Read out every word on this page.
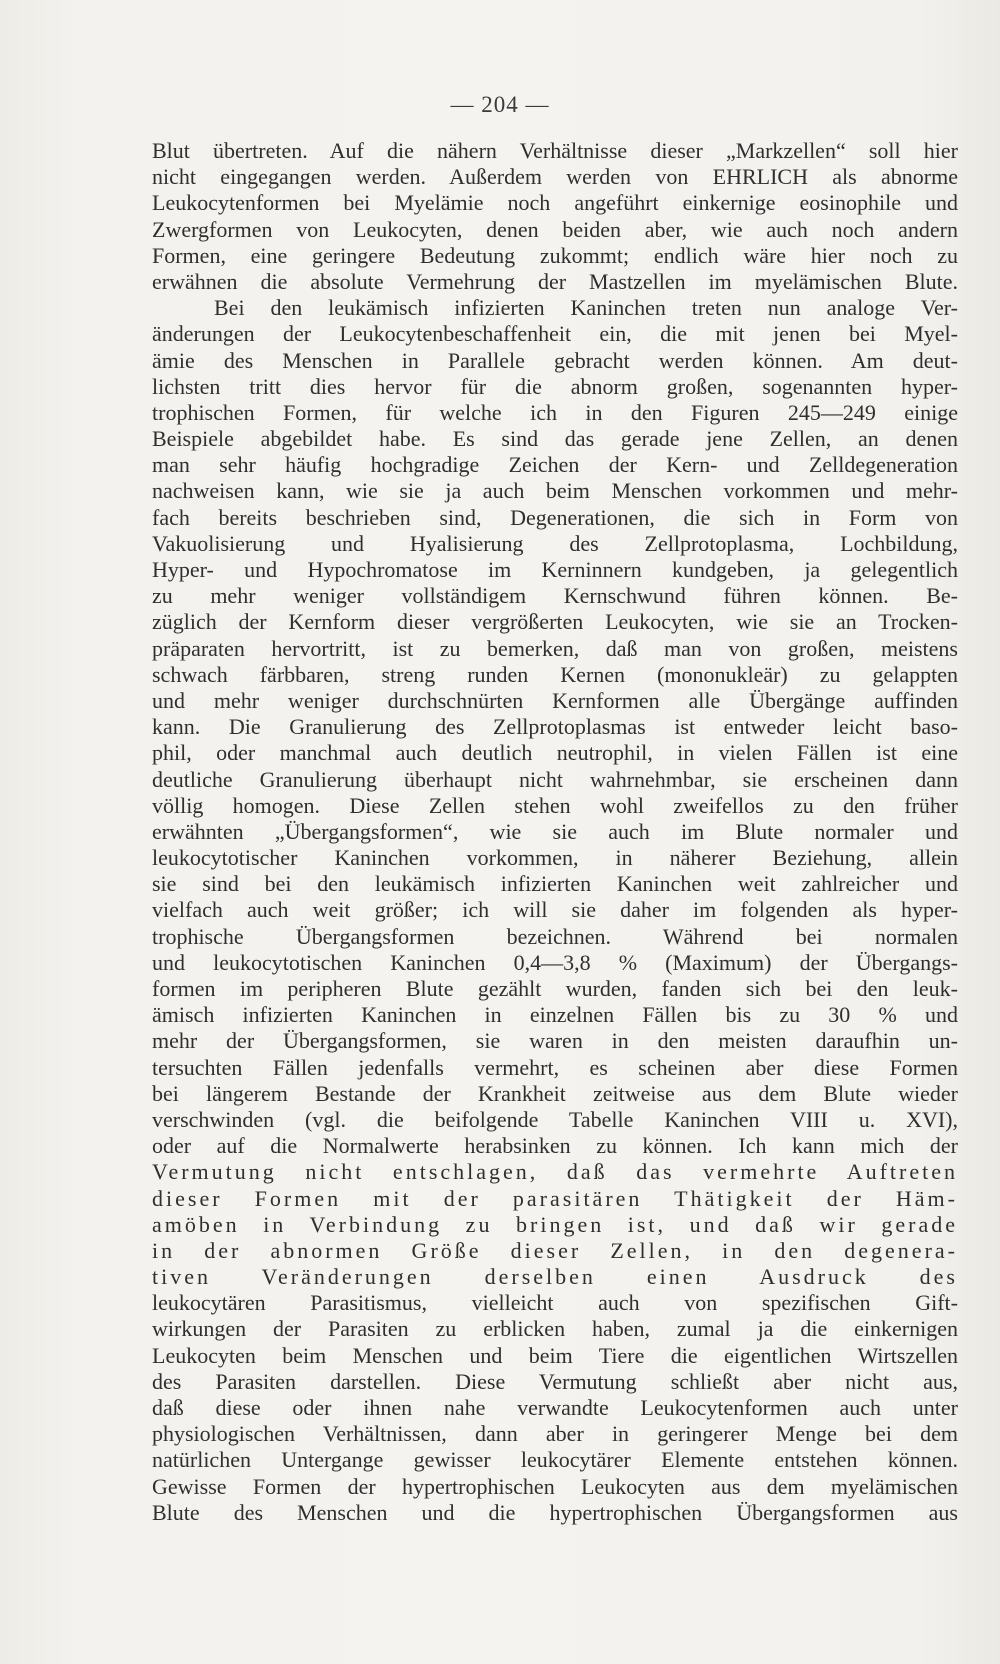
— 204 —
Blut übertreten. Auf die nähern Verhältnisse dieser „Markzellen“ soll hier
nicht eingegangen werden. Außerdem werden von EHRLICH als abnorme
Leukocytenformen bei Myelämie noch angeführt einkernige eosinophile und
Zwergformen von Leukocyten, denen beiden aber, wie auch noch andern
Formen, eine geringere Bedeutung zukommt; endlich wäre hier noch zu
erwähnen die absolute Vermehrung der Mastzellen im myelämischen Blute.
Bei den leukämisch infizierten Kaninchen treten nun analoge Ver-
änderungen der Leukocytenbeschaffenheit ein, die mit jenen bei Myel-
ämie des Menschen in Parallele gebracht werden können. Am deut-
lichsten tritt dies hervor für die abnorm großen, sogenannten hyper-
trophischen Formen, für welche ich in den Figuren 245—249 einige
Beispiele abgebildet habe. Es sind das gerade jene Zellen, an denen
man sehr häufig hochgradige Zeichen der Kern- und Zelldegeneration
nachweisen kann, wie sie ja auch beim Menschen vorkommen und mehr-
fach bereits beschrieben sind, Degenerationen, die sich in Form von
Vakuolisierung und Hyalisierung des Zellprotoplasma, Lochbildung,
Hyper- und Hypochromatose im Kerninnern kundgeben, ja gelegentlich
zu mehr weniger vollständigem Kernschwund führen können. Be-
züglich der Kernform dieser vergrößerten Leukocyten, wie sie an Trocken-
präparaten hervortritt, ist zu bemerken, daß man von großen, meistens
schwach färbbaren, streng runden Kernen (mononukleär) zu gelappten
und mehr weniger durchschnürten Kernformen alle Übergänge auffinden
kann. Die Granulierung des Zellprotoplasmas ist entweder leicht baso-
phil, oder manchmal auch deutlich neutrophil, in vielen Fällen ist eine
deutliche Granulierung überhaupt nicht wahrnehmbar, sie erscheinen dann
völlig homogen. Diese Zellen stehen wohl zweifellos zu den früher
erwähnten „Übergangsformen“, wie sie auch im Blute normaler und
leukocytotischer Kaninchen vorkommen, in näherer Beziehung, allein
sie sind bei den leukämisch infizierten Kaninchen weit zahlreicher und
vielfach auch weit größer; ich will sie daher im folgenden als hyper-
trophische Übergangsformen bezeichnen. Während bei normalen
und leukocytotischen Kaninchen 0,4—3,8 % (Maximum) der Übergangs-
formen im peripheren Blute gezählt wurden, fanden sich bei den leuk-
ämisch infizierten Kaninchen in einzelnen Fällen bis zu 30 % und
mehr der Übergangsformen, sie waren in den meisten daraufhin un-
tersuchten Fällen jedenfalls vermehrt, es scheinen aber diese Formen
bei längerem Bestande der Krankheit zeitweise aus dem Blute wieder
verschwinden (vgl. die beifolgende Tabelle Kaninchen VIII u. XVI),
oder auf die Normalwerte herabsinken zu können. Ich kann mich der
Vermutung nicht entschlagen, daß das vermehrte Auftreten
dieser Formen mit der parasitären Thätigkeit der Häm-
amöben in Verbindung zu bringen ist, und daß wir gerade
in der abnormen Größe dieser Zellen, in den degenera-
tiven Veränderungen derselben einen Ausdruck des
leukocytären Parasitismus, vielleicht auch von spezifischen Gift-
wirkungen der Parasiten zu erblicken haben, zumal ja die einkernigen
Leukocyten beim Menschen und beim Tiere die eigentlichen Wirtszellen
des Parasiten darstellen. Diese Vermutung schließt aber nicht aus,
daß diese oder ihnen nahe verwandte Leukocytenformen auch unter
physiologischen Verhältnissen, dann aber in geringerer Menge bei dem
natürlichen Untergange gewisser leukocytärer Elemente entstehen können.
Gewisse Formen der hypertrophischen Leukocyten aus dem myelämischen
Blute des Menschen und die hypertrophischen Übergangsformen aus
